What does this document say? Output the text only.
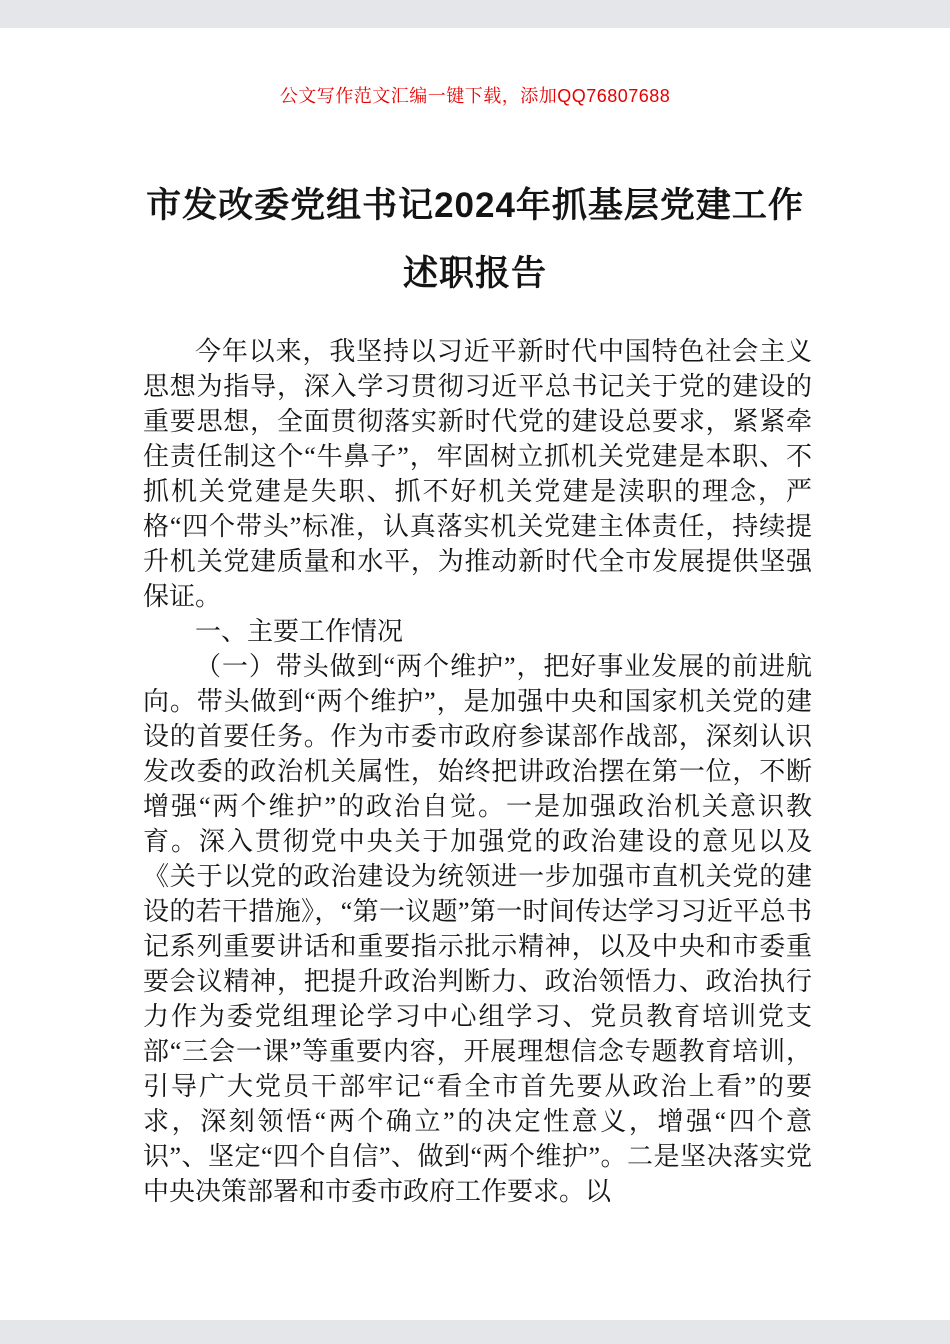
公文写作范文汇编一键下载，添加QQ76807688
市发改委党组书记2024年抓基层党建工作
述职报告

今年以来，我坚持以习近平新时代中国特色社会主义思想为指导，深入学习贯彻习近平总书记关于党的建设的重要思想，全面贯彻落实新时代党的建设总要求，紧紧牵住责任制这个“牛鼻子”，牢固树立抓机关党建是本职、不抓机关党建是失职、抓不好机关党建是渎职的理念，严格“四个带头”标准，认真落实机关党建主体责任，持续提升机关党建质量和水平，为推动新时代全市发展提供坚强保证。

一、主要工作情况

（一）带头做到“两个维护”，把好事业发展的前进航向。带头做到“两个维护”，是加强中央和国家机关党的建设的首要任务。作为市委市政府参谋部作战部，深刻认识发改委的政治机关属性，始终把讲政治摆在第一位，不断增强“两个维护”的政治自觉。一是加强政治机关意识教育。深入贯彻党中央关于加强党的政治建设的意见以及《关于以党的政治建设为统领进一步加强市直机关党的建设的若干措施》，“第一议题”第一时间传达学习习近平总书记系列重要讲话和重要指示批示精神，以及中央和市委重要会议精神，把提升政治判断力、政治领悟力、政治执行力作为委党组理论学习中心组学习、党员教育培训党支部“三会一课”等重要内容，开展理想信念专题教育培训，引导广大党员干部牢记“看全市首先要从政治上看”的要求，深刻领悟“两个确立”的决定性意义，增强“四个意识”、坚定“四个自信”、做到“两个维护”。二是坚决落实党中央决策部署和市委市政府工作要求。以
